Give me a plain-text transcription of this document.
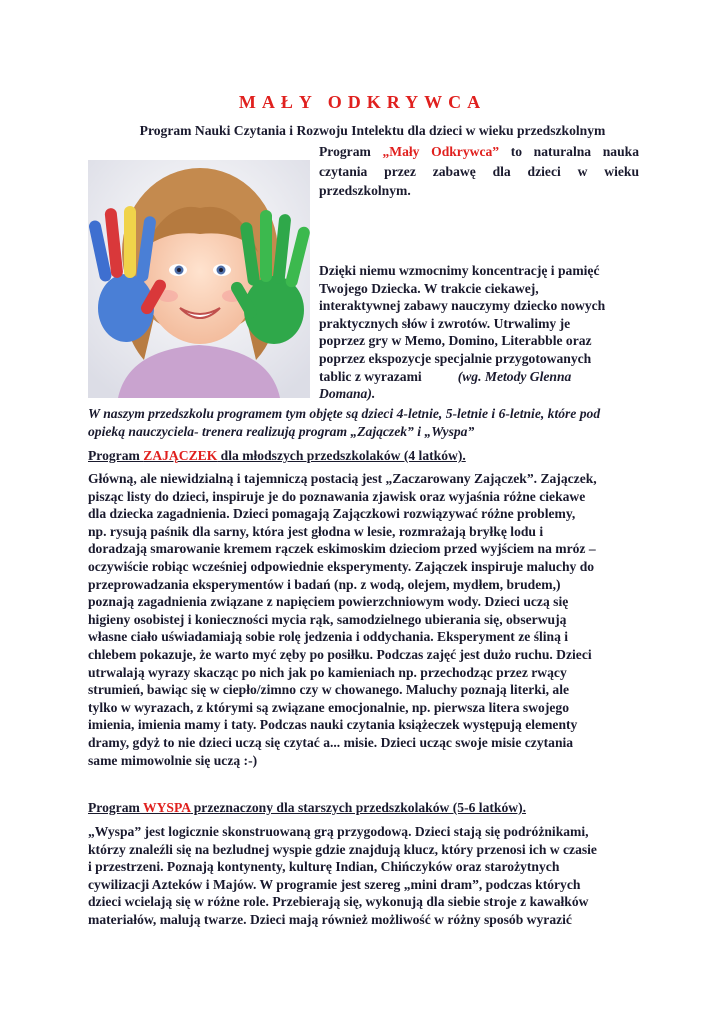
MAŁY ODKRYWCA
Program Nauki Czytania i Rozwoju Intelektu dla dzieci w wieku przedszkolnym
Program „Mały Odkrywca” to naturalna nauka czytania przez zabawę dla dzieci w wieku przedszkolnym.
Dzięki niemu wzmocnimy koncentrację i pamięć
Twojego Dziecka. W trakcie ciekawej,
interaktywnej zabawy nauczymy dziecko nowych
praktycznych słów i zwrotów. Utrwalimy je
poprzez gry w Memo, Domino, Literabble oraz
poprzez ekspozycje specjalnie przygotowanych
tablic z wyrazami	(wg. Metody Glenna
Domana).
W naszym przedszkolu programem tym objęte są dzieci 4-letnie, 5-letnie i 6-letnie, które pod
opieką nauczyciela- trenera realizują program „Zajączek” i „Wyspa”
Program ZAJĄCZEK dla młodszych przedszkolaków (4 latków).
Główną, ale niewidzialną i tajemniczą postacią jest „Zaczarowany Zajączek”. Zajączek,
pisząc listy do dzieci, inspiruje je do poznawania zjawisk oraz wyjaśnia różne ciekawe
dla dziecka zagadnienia. Dzieci pomagają Zajączkowi rozwiązywać różne problemy,
np. rysują paśnik dla sarny, która jest głodna w lesie, rozmrażają bryłkę lodu i
doradzają smarowanie kremem rączek eskimoskim dzieciom przed wyjściem na mróz –
oczywiście robiąc wcześniej odpowiednie eksperymenty. Zajączek inspiruje maluchy do
przeprowadzania eksperymentów i badań (np. z wodą, olejem, mydłem, brudem,)
poznają zagadnienia związane z napięciem powierzchniowym wody. Dzieci uczą się
higieny osobistej i konieczności mycia rąk, samodzielnego ubierania się, obserwują
własne ciało uświadamiają sobie rolę jedzenia i oddychania. Eksperyment ze śliną i
chlebem pokazuje, że warto myć zęby po posiłku. Podczas zajęć jest dużo ruchu. Dzieci
utrwalają wyrazy skacząc po nich jak po kamieniach np. przechodząc przez rwący
strumień, bawiąc się w ciepło/zimno czy w chowanego. Maluchy poznają literki, ale
tylko w wyrazach, z którymi są związane emocjonalnie, np. pierwsza litera swojego
imienia, imienia mamy i taty. Podczas nauki czytania książeczek występują elementy
dramy, gdyż to nie dzieci uczą się czytać a... misie. Dzieci ucząc swoje misie czytania
same mimowolnie się uczą :-)
Program WYSPA przeznaczony dla starszych przedszkolaków (5-6 latków).
„Wyspa” jest logicznie skonstruowaną grą przygodową. Dzieci stają się podróżnikami,
którzy znaleźli się na bezludnej wyspie gdzie znajdują klucz, który przenosi ich w czasie
i przestrzeni. Poznają kontynenty, kulturę Indian, Chińczyków oraz starożytnych
cywilizacji Azteków i Majów. W programie jest szereg „mini dram”, podczas których
dzieci wcielają się w różne role. Przebierają się, wykonują dla siebie stroje z kawałków
materiałów, malują twarze. Dzieci mają również możliwość w różny sposób wyrazić
